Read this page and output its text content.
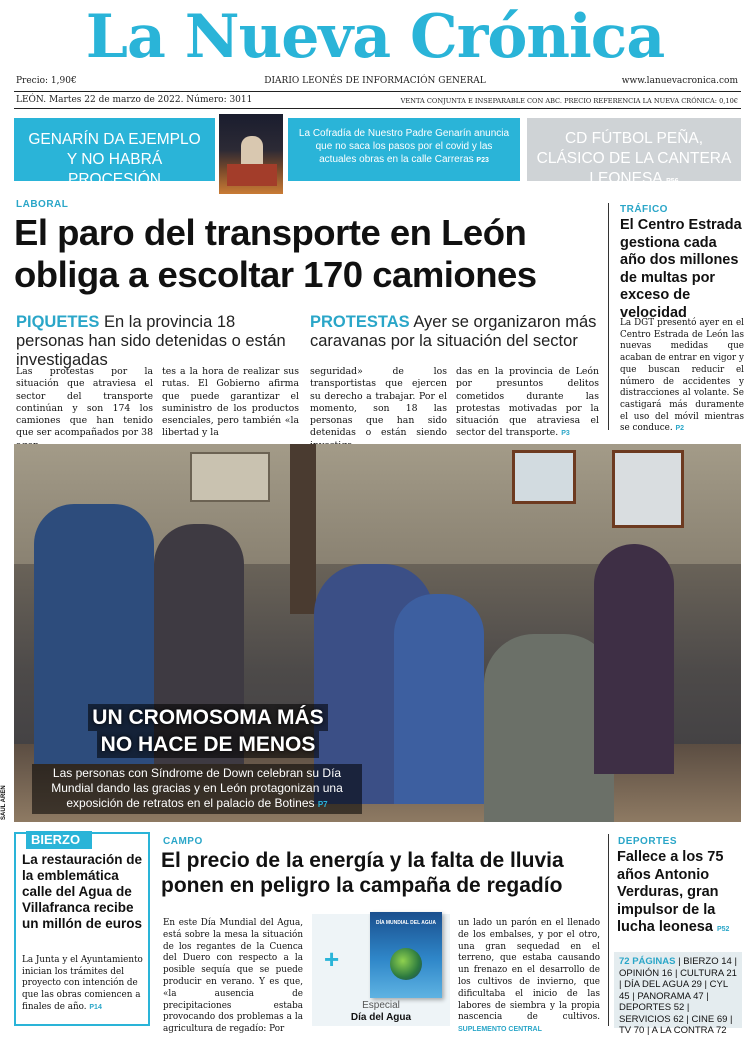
La Nueva Crónica
Precio: 1,90€	DIARIO LEONÉS DE INFORMACIÓN GENERAL	www.lanuevacronica.com
LEÓN. Martes 22 de marzo de 2022. Número: 3011	VENTA CONJUNTA E INSEPARABLE CON ABC. PRECIO REFERENCIA LA NUEVA CRÓNICA: 0,10€
GENARÍN DA EJEMPLO Y NO HABRÁ PROCESIÓN
La Cofradía de Nuestro Padre Genarín anuncia que no saca los pasos por el covid y las actuales obras en la calle Carreras P23
CD FÚTBOL PEÑA, CLÁSICO DE LA CANTERA LEONESA P56
LABORAL
El paro del transporte en León obliga a escoltar 170 camiones
PIQUETES En la provincia 18 personas han sido detenidas o están investigadas
PROTESTAS Ayer se organizaron más caravanas por la situación del sector
Las protestas por la situación que atraviesa el sector del transporte continúan y son 174 los camiones que han tenido que ser acompañados por 38
tes a la hora de realizar sus rutas. El Gobierno afirma que puede garantizar el suministro de los productos esenciales, pero también «la libertad y la
seguridad» de los transportistas que ejercen su derecho a trabajar. Por el momento, son 18 las personas que han sido detenidas o están siendo
das en la provincia de León por presuntos delitos cometidos durante las protestas motivadas por la situación que atraviesa el sector del transporte. P3
TRÁFICO
El Centro Estrada gestiona cada año dos millones de multas por exceso de velocidad
La DGT presentó ayer en el Centro Estrada de León las nuevas medidas que acaban de entrar en vigor y que buscan reducir el número de accidentes y distracciones al volante. Se castigará más duramente el uso del móvil mientras se conduce. P2
UN CROMOSOMA MÁS
NO HACE DE MENOS
Las personas con Síndrome de Down celebran su Día Mundial dando las gracias y en León protagonizan una exposición de retratos en el palacio de Botines P7
SAÚL ARÉN
BIERZO
La restauración de la emblemática calle del Agua de Villafranca recibe un millón de euros
La Junta y el Ayuntamiento inician los trámites del proyecto con intención de que las obras comiencen a finales de año. P14
CAMPO
El precio de la energía y la falta de lluvia ponen en peligro la campaña de regadío
En este Día Mundial del Agua, está sobre la mesa la situación de los regantes de la Cuenca del Duero con respecto a la posible sequía que se puede producir en verano. Y es que, «la ausencia de precipitaciones estaba provocando dos problemas a la agricultura de regadío: Por
+
DÍA MUNDIAL DEL AGUA
Especial
Día del Agua
un lado un parón en el llenado de los embalses, y por el otro, una gran sequedad en el terreno, que estaba causando un frenazo en el desarrollo de los cultivos de invierno, que dificultaba el inicio de las labores de siembra y la propia nascencia de cultivos. SUPLEMENTO CENTRAL
DEPORTES
Fallece a los 75 años Antonio Verduras, gran impulsor de la lucha leonesa P52
72 PÁGINAS | BIERZO 14 | OPINIÓN 16 | CULTURA 21 | DÍA DEL AGUA 29 | CYL 45 | PANORAMA 47 | DEPORTES 52 | SERVICIOS 62 | CINE 69 | TV 70 | A LA CONTRA 72
